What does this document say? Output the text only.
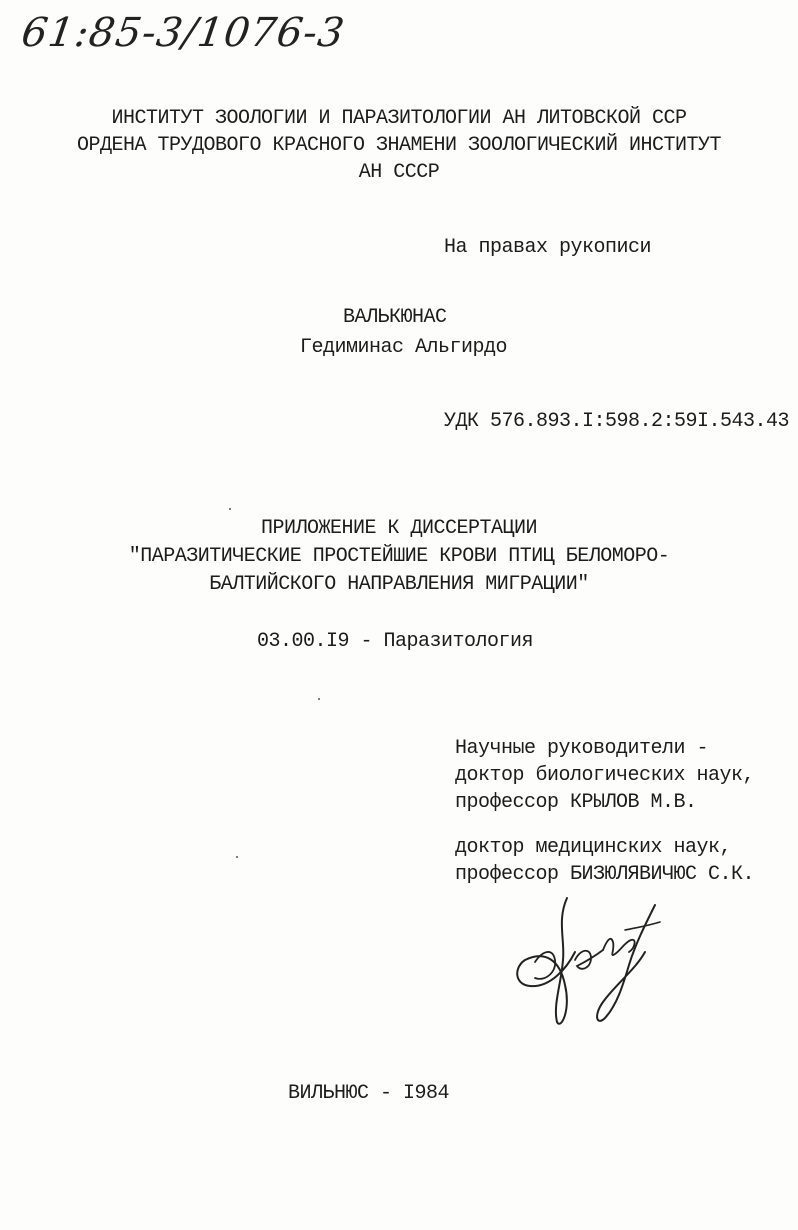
61:85-3/1076-3
ИНСТИТУТ ЗООЛОГИИ И ПАРАЗИТОЛОГИИ АН ЛИТОВСКОЙ ССР
ОРДЕНА ТРУДОВОГО КРАСНОГО ЗНАМЕНИ ЗООЛОГИЧЕСКИЙ ИНСТИТУТ
АН СССР
На правах рукописи
ВАЛЬКЮНАС
Гедиминас Альгирдо
УДК 576.893.I:598.2:59I.543.43
ПРИЛОЖЕНИЕ К ДИССЕРТАЦИИ
"ПАРАЗИТИЧЕСКИЕ ПРОСТЕЙШИЕ КРОВИ ПТИЦ БЕЛОМОРО-
БАЛТИЙСКОГО НАПРАВЛЕНИЯ МИГРАЦИИ"
03.00.I9 - Паразитология
Научные руководители -
доктор биологических наук,
профессор КРЫЛОВ М.В.
доктор медицинских наук,
профессор БИЗЮЛЯВИЧЮС С.К.
ВИЛЬНЮС - I984
